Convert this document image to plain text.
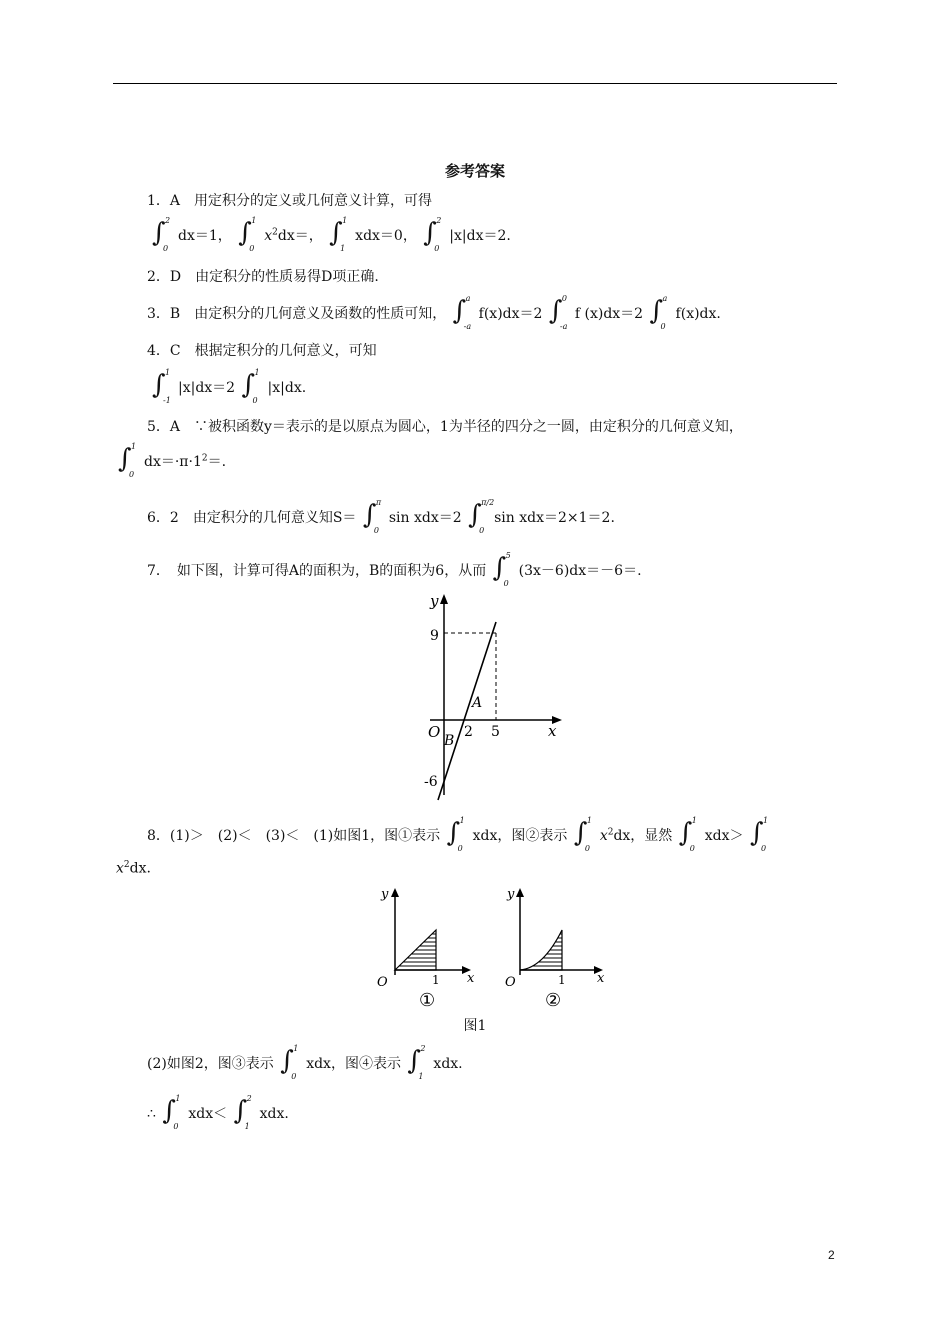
参考答案
1．A　用定积分的定义或几何意义计算，可得
∫ 2
0
dx＝1， ∫ 1
0
$x^2dx=$， ∫ 1
1
xdx＝0， ∫ 2
0
|x|dx＝2.
2．D　由定积分的性质易得D项正确.
3．B　由定积分的几何意义及函数的性质可知， ∫ a
-a
f(x)dx＝2 ∫ 0
-a
f (x)dx＝2 ∫ a
0
f(x)dx.
4．C　根据定积分的几何意义，可知
∫ 1
-1
|x|dx＝2 ∫ 1
0
|x|dx.
5．A　∵被积函数y＝表示的是以原点为圆心，1为半径的四分之一圆，由定积分的几何意义知，
∫ 1
0
$dx=\cdot\pi\cdot 1^2=$.
6．2　由定积分的几何意义知S＝ ∫ π
0
sin xdx＝2 ∫ π/2
0
sin xdx＝2×1＝2.
7．　如下图，计算可得A的面积为，B的面积为6，从而 ∫ 5
0
(3x－6)dx＝－6＝.
y
x
O
9
-6
2 5
A
B
8．(1)＞　(2)＜　(3)＜　(1)如图1，图①表示 ∫ 1
0
xdx，图②表示 ∫ 1
0
$x^2dx$，显然 ∫ 1
0
xdx＞ ∫ 1
0
$x^2dx$.
y
x
O	1
①
y
x
O	1
②
图1
(2)如图2，图③表示 ∫ 1
0
xdx，图④表示 ∫ 2
1
xdx.
∴ ∫ 1
0
xdx＜ ∫ 2
1
xdx.
2
